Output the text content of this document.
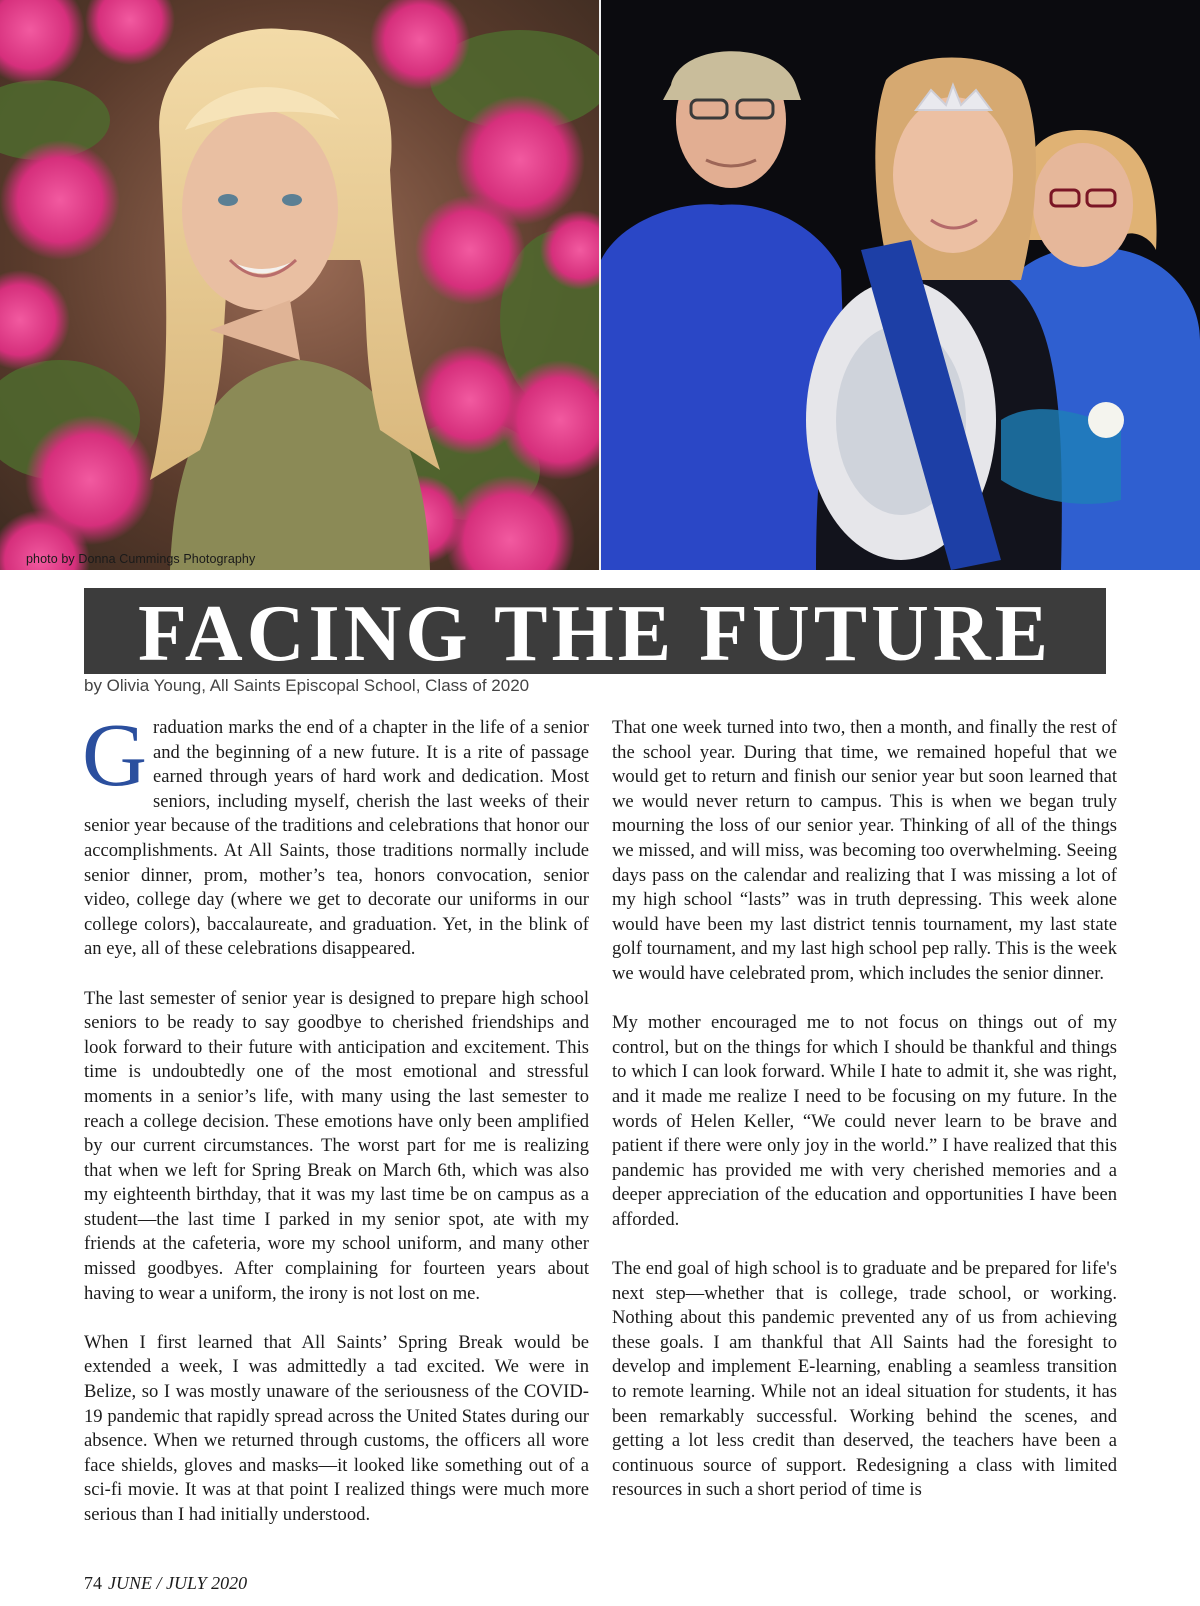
photo by Donna Cummings Photography
FACING THE FUTURE
by Olivia Young, All Saints Episcopal School, Class of 2020

Graduation marks the end of a chapter in the life of a senior and the beginning of a new future. It is a rite of passage earned through years of hard work and dedication. Most seniors, including myself, cherish the last weeks of their senior year because of the traditions and celebrations that honor our accomplishments. At All Saints, those traditions normally include senior dinner, prom, mother’s tea, honors convocation, senior video, college day (where we get to decorate our uniforms in our college colors), baccalaureate, and graduation. Yet, in the blink of an eye, all of these celebrations disappeared.

The last semester of senior year is designed to prepare high school seniors to be ready to say goodbye to cherished friendships and look forward to their future with anticipation and excitement. This time is undoubtedly one of the most emotional and stressful moments in a senior’s life, with many using the last semester to reach a college decision. These emotions have only been amplified by our current circumstances. The worst part for me is realizing that when we left for Spring Break on March 6th, which was also my eighteenth birthday, that it was my last time be on campus as a student—the last time I parked in my senior spot, ate with my friends at the cafeteria, wore my school uniform, and many other missed goodbyes. After complaining for fourteen years about having to wear a uniform, the irony is not lost on me.

When I first learned that All Saints’ Spring Break would be extended a week, I was admittedly a tad excited. We were in Belize, so I was mostly unaware of the seriousness of the COVID-19 pandemic that rapidly spread across the United States during our absence. When we returned through customs, the officers all wore face shields, gloves and masks—it looked like something out of a sci-fi movie. It was at that point I realized things were much more serious than I had initially understood.

That one week turned into two, then a month, and finally the rest of the school year. During that time, we remained hopeful that we would get to return and finish our senior year but soon learned that we would never return to campus. This is when we began truly mourning the loss of our senior year. Thinking of all of the things we missed, and will miss, was becoming too overwhelming. Seeing days pass on the calendar and realizing that I was missing a lot of my high school “lasts” was in truth depressing. This week alone would have been my last district tennis tournament, my last state golf tournament, and my last high school pep rally. This is the week we would have celebrated prom, which includes the senior dinner.

My mother encouraged me to not focus on things out of my control, but on the things for which I should be thankful and things to which I can look forward. While I hate to admit it, she was right, and it made me realize I need to be focusing on my future. In the words of Helen Keller, “We could never learn to be brave and patient if there were only joy in the world.” I have realized that this pandemic has provided me with very cherished memories and a deeper appreciation of the education and opportunities I have been afforded.

The end goal of high school is to graduate and be prepared for life's next step—whether that is college, trade school, or working. Nothing about this pandemic prevented any of us from achieving these goals. I am thankful that All Saints had the foresight to develop and implement E-learning, enabling a seamless transition to remote learning. While not an ideal situation for students, it has been remarkably successful. Working behind the scenes, and getting a lot less credit than deserved, the teachers have been a continuous source of support. Redesigning a class with limited resources in such a short period of time is

74 JUNE / JULY 2020
